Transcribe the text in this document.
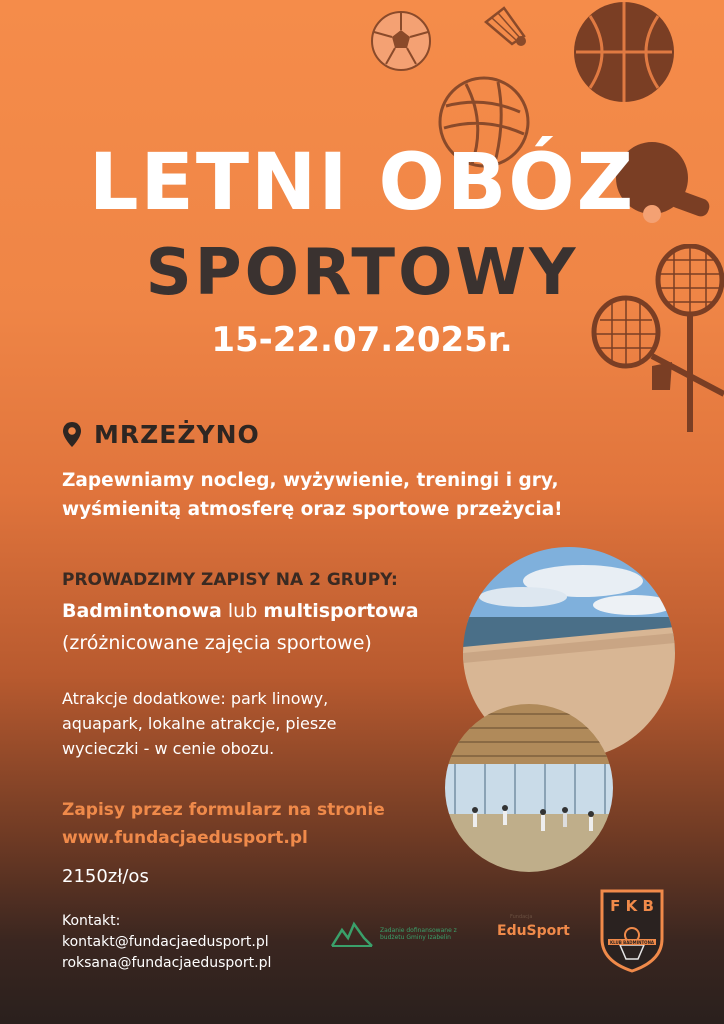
LETNI OBÓZ
SPORTOWY
15-22.07.2025r.
MRZEŻYNO
Zapewniamy nocleg, wyżywienie, treningi i gry, wyśmienitą atmosferę oraz sportowe przeżycia!
PROWADZIMY ZAPISY NA 2 GRUPY:
Badmintonowa lub multisportowa
(zróżnicowane zajęcia sportowe)
Atrakcje dodatkowe: park linowy, aquapark, lokalne atrakcje, piesze wycieczki - w cenie obozu.
Zapisy przez formularz na stronie
www.fundacjaedusport.pl
2150zł/os
Kontakt:
kontakt@fundacjaedusport.pl
roksana@fundacjaedusport.pl
Zadanie dofinansowane z budżetu Gminy Izabelin
Fundacja
EduSport
F K B
KLUB BADMINTONA
